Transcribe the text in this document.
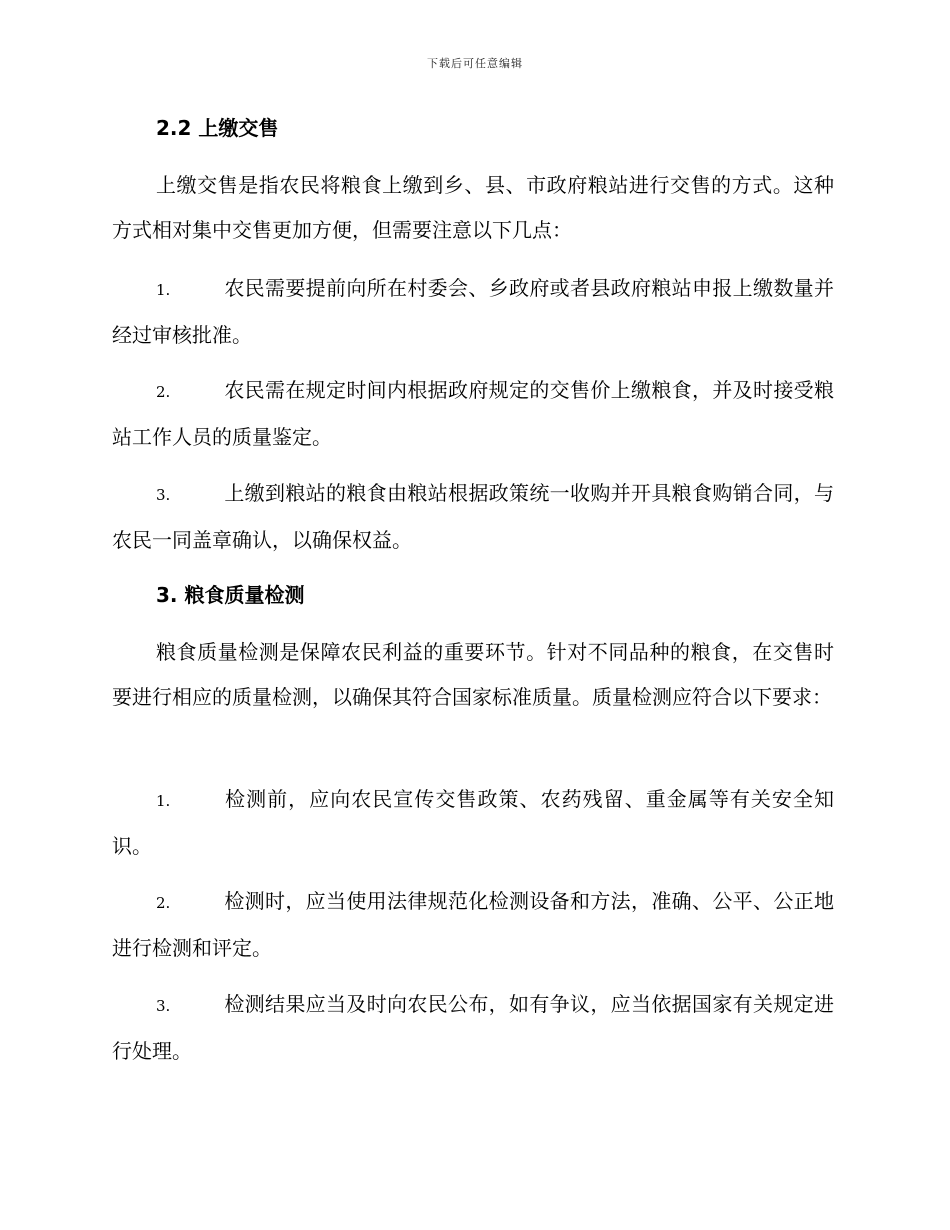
下载后可任意编辑
2.2 上缴交售
上缴交售是指农民将粮食上缴到乡、县、市政府粮站进行交售的方式。这种方式相对集中交售更加方便，但需要注意以下几点：
1.	农民需要提前向所在村委会、乡政府或者县政府粮站申报上缴数量并经过审核批准。
2.	农民需在规定时间内根据政府规定的交售价上缴粮食，并及时接受粮站工作人员的质量鉴定。
3.	上缴到粮站的粮食由粮站根据政策统一收购并开具粮食购销合同，与农民一同盖章确认，以确保权益。
3. 粮食质量检测
粮食质量检测是保障农民利益的重要环节。针对不同品种的粮食，在交售时要进行相应的质量检测，以确保其符合国家标准质量。质量检测应符合以下要求：
1.	检测前，应向农民宣传交售政策、农药残留、重金属等有关安全知识。
2.	检测时，应当使用法律规范化检测设备和方法，准确、公平、公正地进行检测和评定。
3.	检测结果应当及时向农民公布，如有争议，应当依据国家有关规定进行处理。
